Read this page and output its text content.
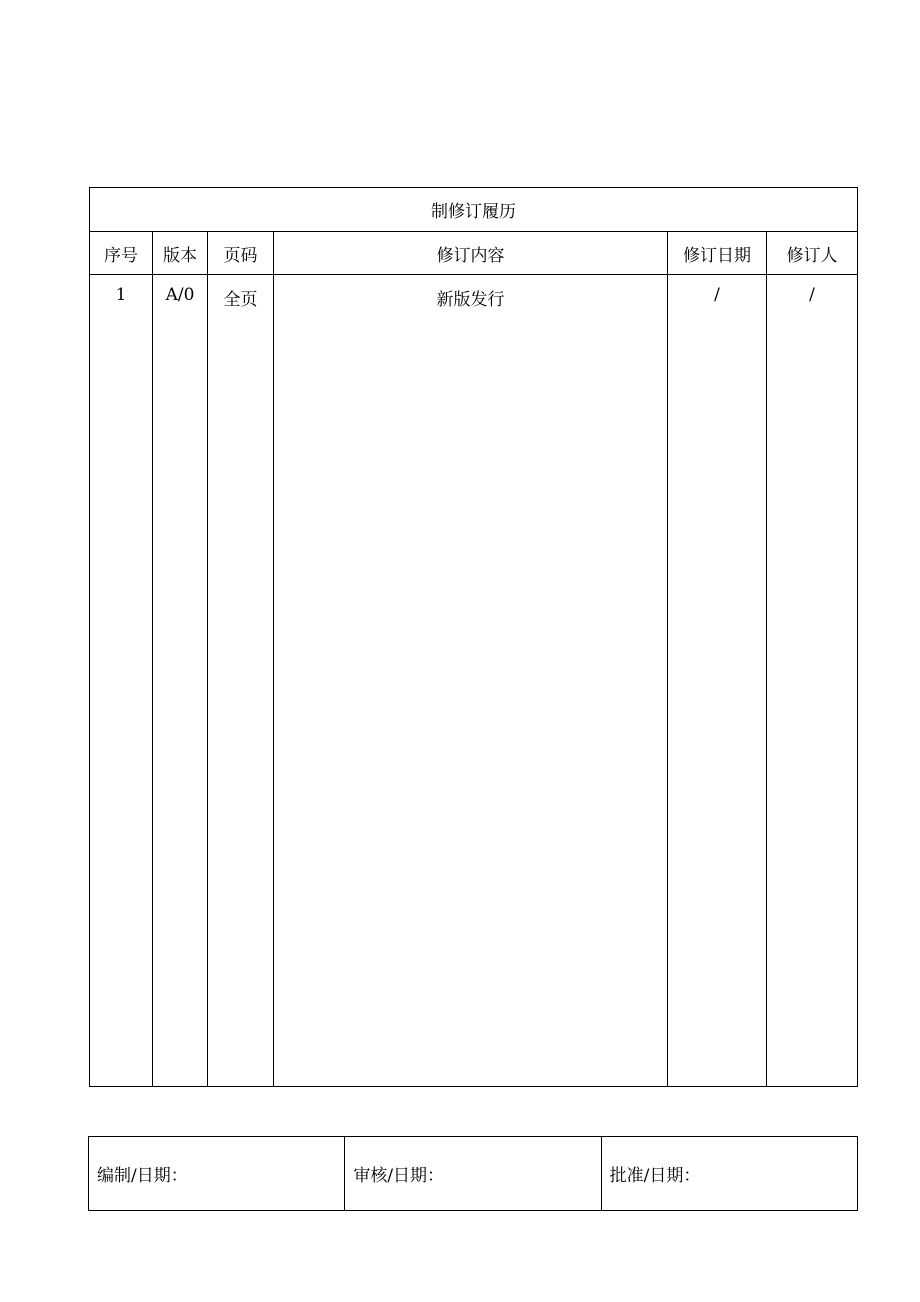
制修订履历					
序号	版本	页码	修订内容	修订日期	修订人
1	A/0	全页	新版发行	/	/
编制/日期：	审核/日期：	批准/日期：
